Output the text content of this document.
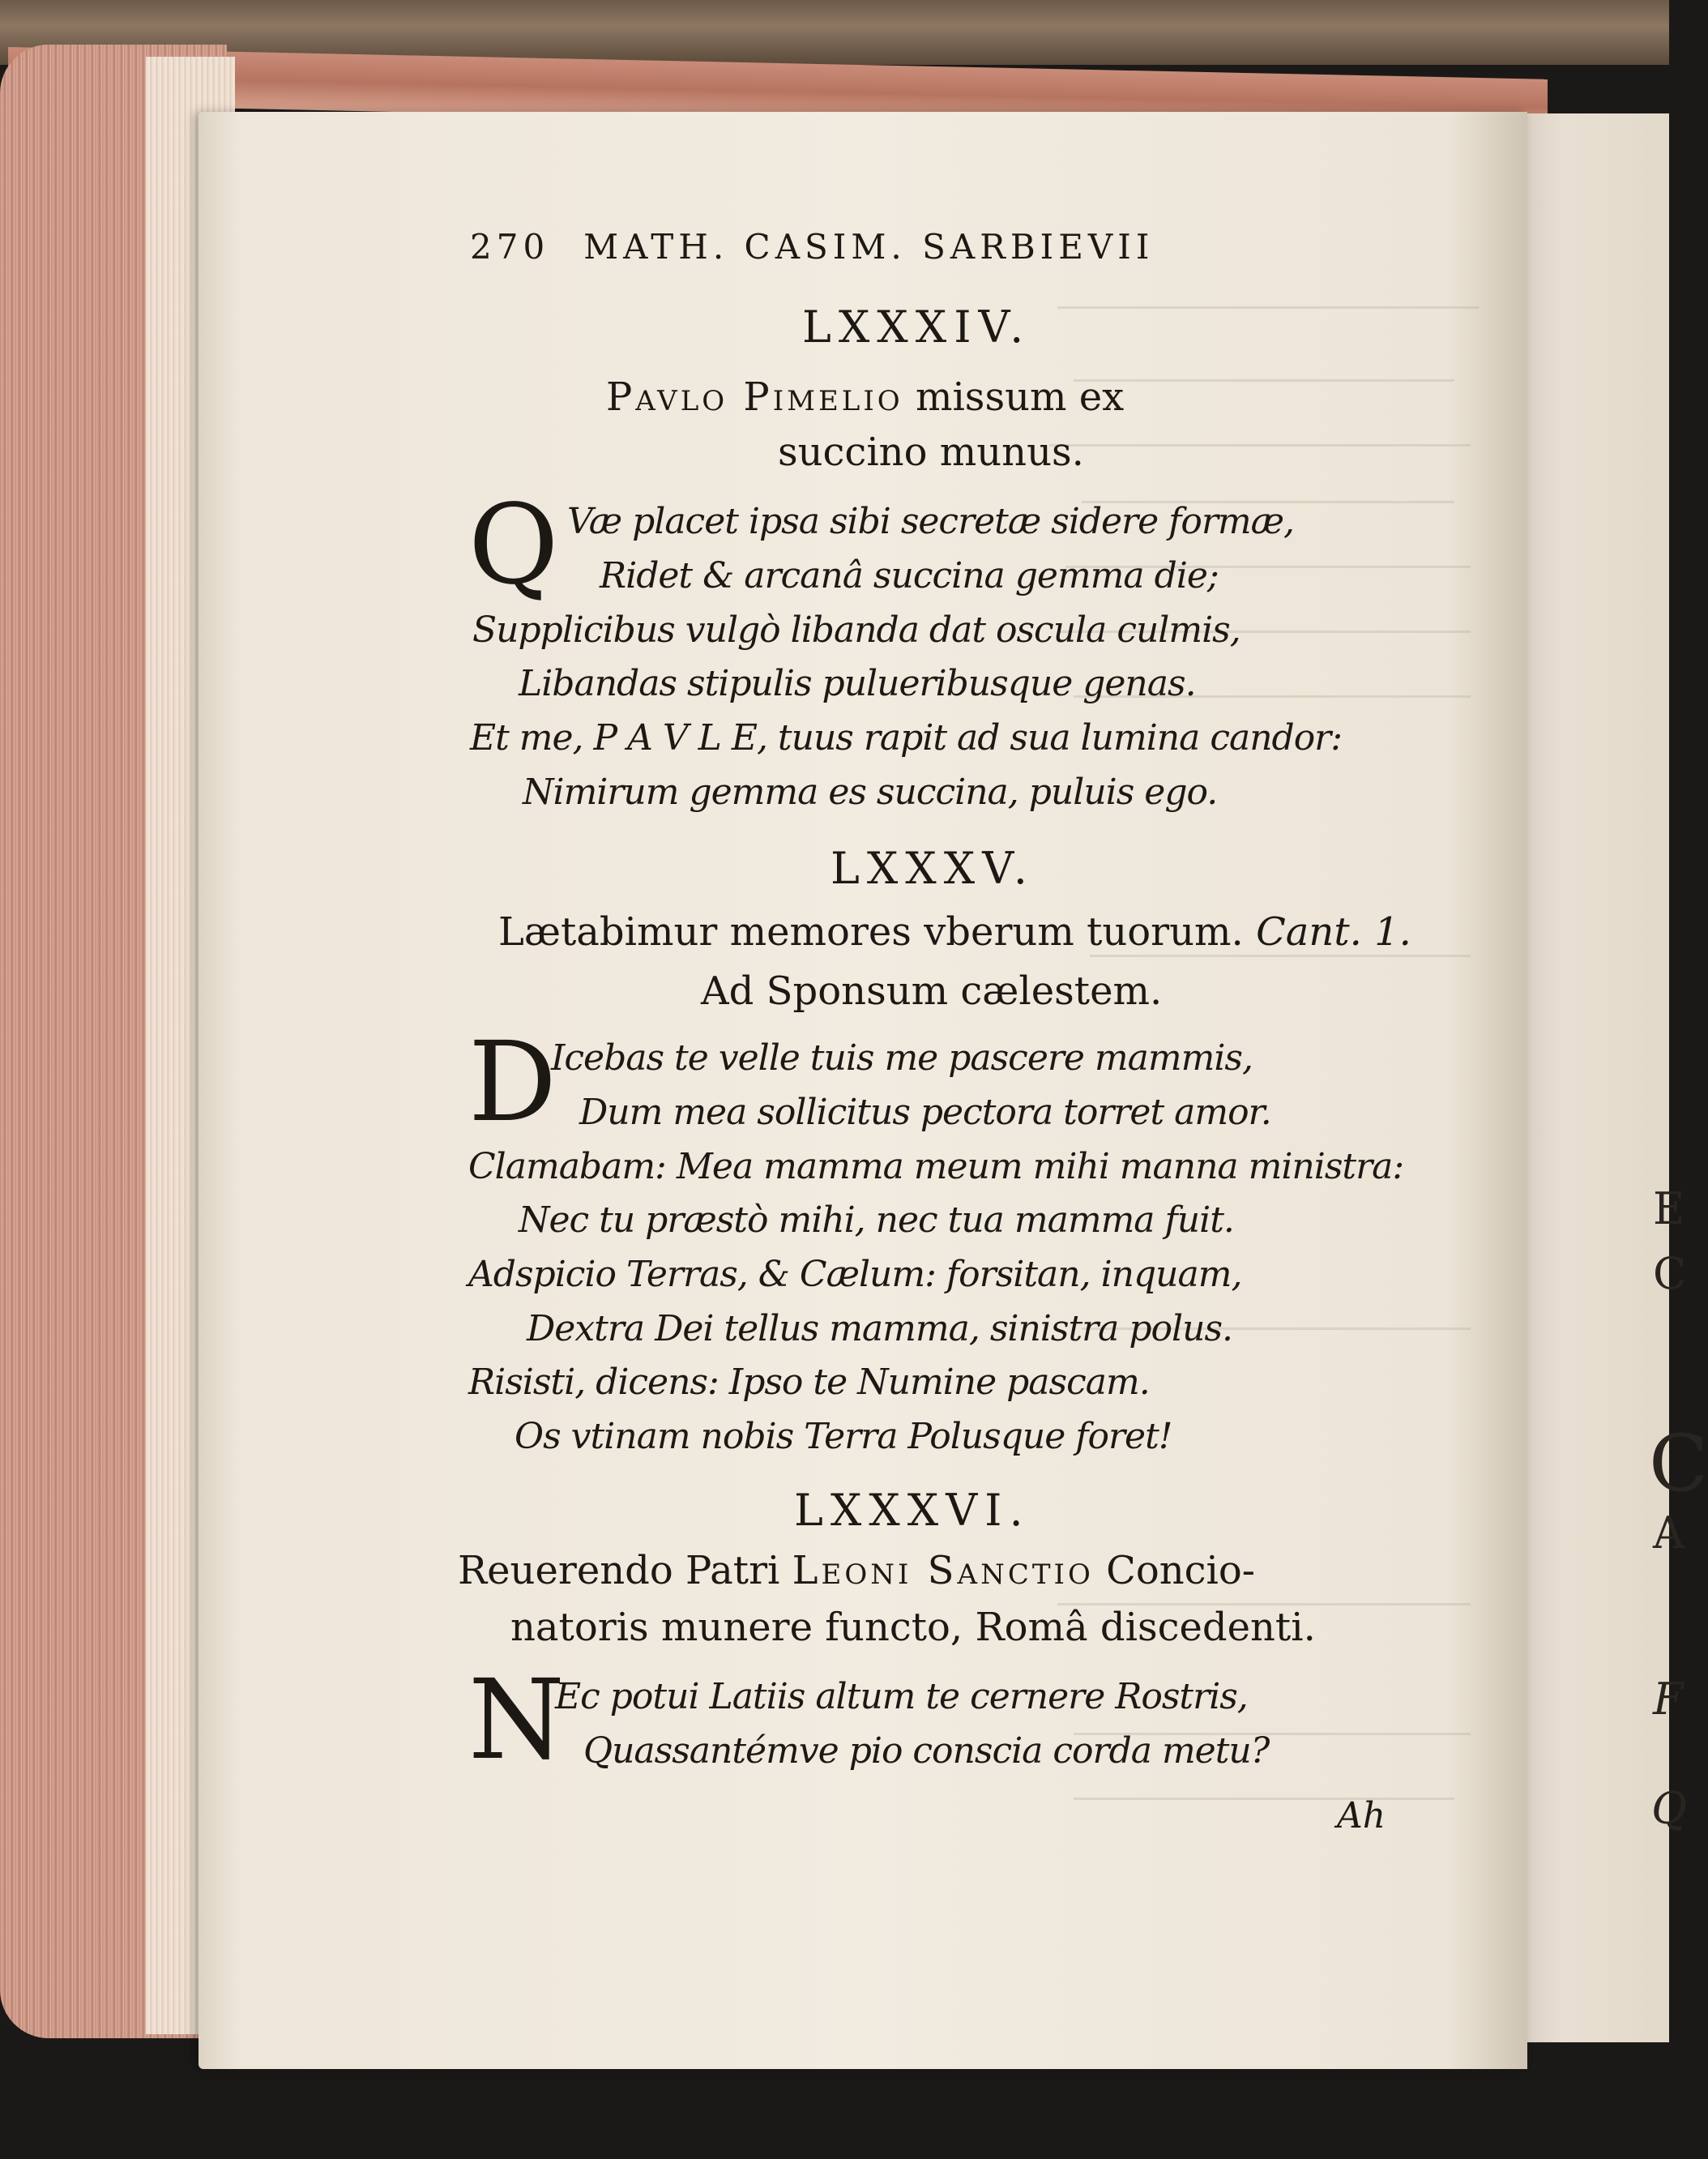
E
C
C
A
F
Q
270 MATH. CASIM. SARBIEVII
LXXXIV.
Pavlo Pimelio missum ex
succino munus.
Q Væ placet ipsa sibi secretæ sidere formæ,
Ridet & arcanâ succina gemma die;
Supplicibus vulgò libanda dat oscula culmis,
Libandas stipulis pulueribusque genas.
Et me, P A V L E, tuus rapit ad sua lumina candor:
Nimirum gemma es succina, puluis ego.
LXXXV.
Lætabimur memores vberum tuorum. Cant. 1.
Ad Sponsum cælestem.
D
Icebas te velle tuis me pascere mammis,
Dum mea sollicitus pectora torret amor.
Clamabam: Mea mamma meum mihi manna ministra:
Nec tu præstò mihi, nec tua mamma fuit.
Adspicio Terras, & Cælum: forsitan, inquam,
Dextra Dei tellus mamma, sinistra polus.
Risisti, dicens: Ipso te Numine pascam.
Os vtinam nobis Terra Polusque foret!
LXXXVI.
Reuerendo Patri Leoni Sanctio Concio-
natoris munere functo, Româ discedenti.
N
Ec potui Latiis altum te cernere Rostris,
Quassantémve pio conscia corda metu?
Ah
